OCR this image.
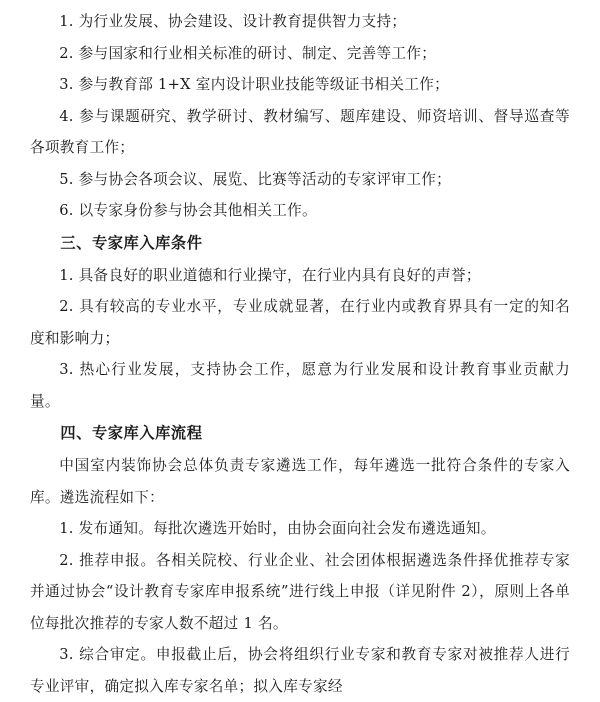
1. 为行业发展、协会建设、设计教育提供智力支持；

2. 参与国家和行业相关标准的研讨、制定、完善等工作；

3. 参与教育部 1+X 室内设计职业技能等级证书相关工作；

4. 参与课题研究、教学研讨、教材编写、题库建设、师资培训、督导巡查等各项教育工作；

5. 参与协会各项会议、展览、比赛等活动的专家评审工作；

6. 以专家身份参与协会其他相关工作。

三、专家库入库条件

1. 具备良好的职业道德和行业操守，在行业内具有良好的声誉；

2. 具有较高的专业水平，专业成就显著，在行业内或教育界具有一定的知名度和影响力；

3. 热心行业发展，支持协会工作，愿意为行业发展和设计教育事业贡献力量。

四、专家库入库流程

中国室内装饰协会总体负责专家遴选工作，每年遴选一批符合条件的专家入库。遴选流程如下：

1. 发布通知。每批次遴选开始时，由协会面向社会发布遴选通知。

2. 推荐申报。各相关院校、行业企业、社会团体根据遴选条件择优推荐专家并通过协会“设计教育专家库申报系统”进行线上申报（详见附件 2），原则上各单位每批次推荐的专家人数不超过 1 名。

3. 综合审定。申报截止后，协会将组织行业专家和教育专家对被推荐人进行专业评审，确定拟入库专家名单；拟入库专家经
